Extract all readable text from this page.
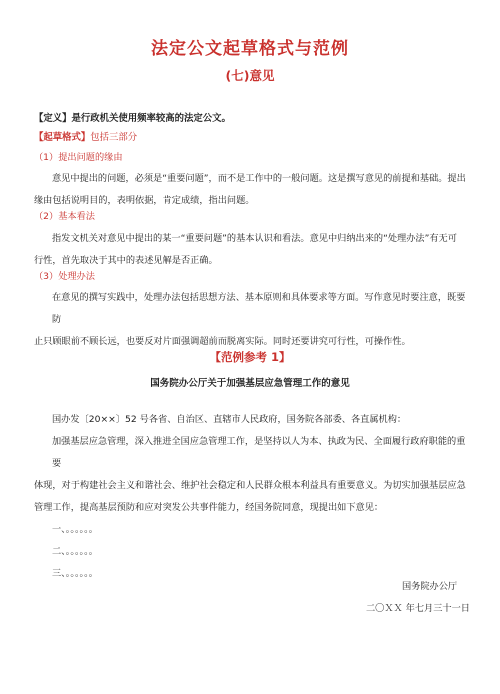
法定公文起草格式与范例
(七)意见
【定义】是行政机关使用频率较高的法定公文。
【起草格式】包括三部分
（1）提出问题的缘由
意见中提出的问题，必须是“重要问题”，而不是工作中的一般问题。这是撰写意见的前提和基础。提出
缘由包括说明目的，表明依据，肯定成绩，指出问题。
（2）基本看法
指发文机关对意见中提出的某一“重要问题”的基本认识和看法。意见中归纳出来的“处理办法”有无可
行性，首先取决于其中的表述见解是否正确。
（3）处理办法
在意见的撰写实践中，处理办法包括思想方法、基本原则和具体要求等方面。写作意见时要注意，既要防
止只顾眼前不顾长远，也要反对片面强调超前而脱离实际。同时还要讲究可行性，可操作性。
【范例参考 1】
国务院办公厅关于加强基层应急管理工作的意见
国办发〔20××〕52 号各省、自治区、直辖市人民政府，国务院各部委、各直属机构：
加强基层应急管理，深入推进全国应急管理工作，是坚持以人为本、执政为民、全面履行政府职能的重要
体现，对于构建社会主义和谐社会、维护社会稳定和人民群众根本利益具有重要意义。为切实加强基层应急
管理工作，提高基层预防和应对突发公共事件能力，经国务院同意，现提出如下意见：
一、。。。。。。
二、。。。。。。
三、。。。。。。
国务院办公厅
二〇ＸＸ 年七月三十一日
